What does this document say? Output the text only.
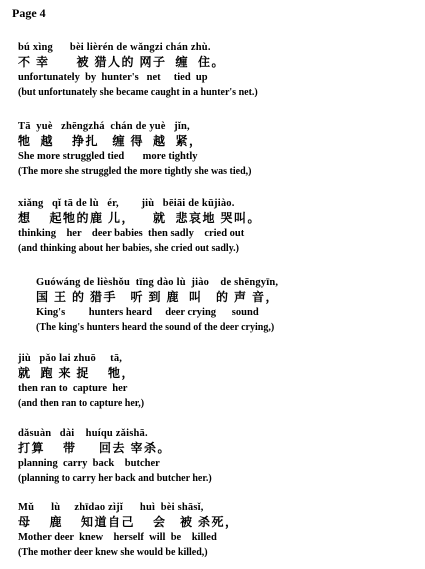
Page 4
bú xìng      bèi lièrén de wǎngzi chán zhù.
不 幸      被 猎人的 网子  缠  住。
unfortunately  by  hunter's   net     tied  up
(but unfortunately she became caught in a hunter's net.)
Tā  yuè   zhēngzhá  chán de yuè   jǐn,
牠  越    挣扎   缠 得  越  紧，
She more struggled tied       more tightly
(The more she struggled the more tightly she was tied,)
xiǎng   qǐ tā de lù   ér,        jiù   bēiāi de kūjiào.
想    起牠的鹿 儿，    就  悲哀地 哭叫。
thinking    her    deer babies  then sadly    cried out
(and thinking about her babies, she cried out sadly.)
Guówáng de lièshǒu  tīng dào lù  jiào    de shēngyīn,
国 王 的 猎手   听 到 鹿  叫   的 声 音，
King's         hunters heard     deer crying      sound
(The king's hunters heard the sound of the deer crying,)
jiù   pǎo lai zhuō     tā,
就  跑 来 捉    牠，
then ran to  capture  her
(and then ran to capture her,)
dǎsuàn   dài    huíqu zǎishā.
打算    带     回去 宰杀。
planning  carry  back    butcher
(planning to carry her back and butcher her.)
Mǔ      lù     zhīdao zìjǐ      huì  bèi shāsǐ,
母    鹿    知道自己    会   被 杀死，
Mother deer  knew    herself  will  be    killed
(The mother deer knew she would be killed,)
